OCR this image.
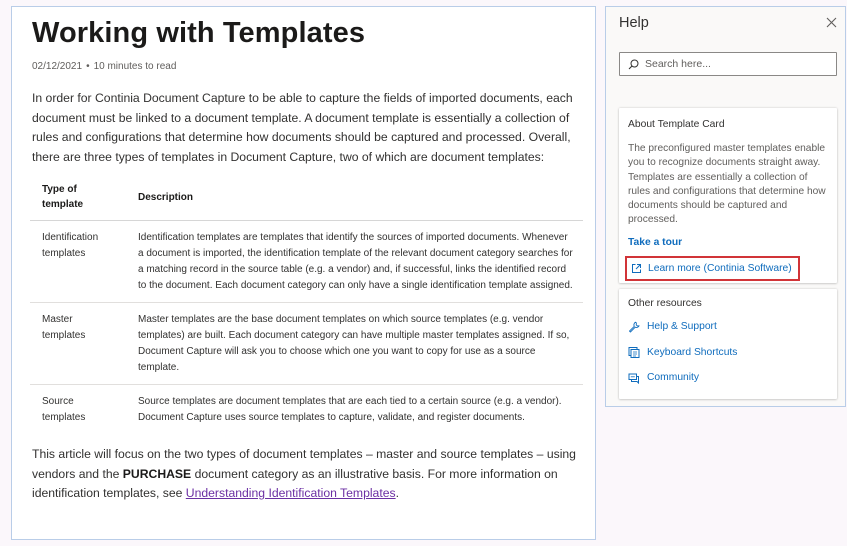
Working with Templates
02/12/2021 • 10 minutes to read

In order for Continia Document Capture to be able to capture the fields of imported documents, each document must be linked to a document template. A document template is essentially a collection of rules and configurations that determine how documents should be captured and processed. Overall, there are three types of templates in Document Capture, two of which are document templates:

Type of template	Description
Identification templates	Identification templates are templates that identify the sources of imported documents. Whenever a document is imported, the identification template of the relevant document category searches for a matching record in the source table (e.g. a vendor) and, if successful, links the identified record to the document. Each document category can only have a single identification template assigned.
Master templates	Master templates are the base document templates on which source templates (e.g. vendor templates) are built. Each document category can have multiple master templates assigned. If so, Document Capture will ask you to choose which one you want to copy for use as a source template.
Source templates	Source templates are document templates that are each tied to a certain source (e.g. a vendor). Document Capture uses source templates to capture, validate, and register documents.

This article will focus on the two types of document templates – master and source templates – using vendors and the PURCHASE document category as an illustrative basis. For more information on identification templates, see Understanding Identification Templates.

Help
Search here...
About Template Card
The preconfigured master templates enable you to recognize documents straight away. Templates are essentially a collection of rules and configurations that determine how documents should be captured and processed.
Take a tour
Learn more (Continia Software)
Other resources
Help & Support
Keyboard Shortcuts
Community
